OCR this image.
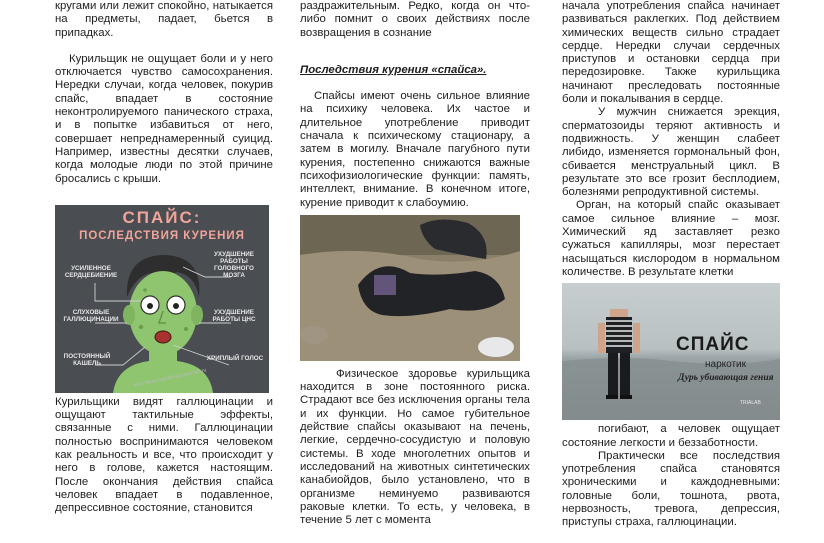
кругами или лежит спокойно, натыкается на предметы, падает, бьется в припадках.

Курильщик не ощущает боли и у него отключается чувство самосохранения. Нередки случаи, когда человек, покурив спайс, впадает в состояние неконтролируемого панического страха, и в попытке избавиться от него, совершает непреднамеренный суицид. Например, известны десятки случаев, когда молодые люди по этой причине бросались с крыши.

СПАЙС:
ПОСЛЕДСТВИЯ КУРЕНИЯ
УСИЛЕННОЕ СЕРДЦЕБИЕНИЕ
СЛУХОВЫЕ ГАЛЛЮЦИНАЦИИ
ПОСТОЯННЫЙ КАШЕЛЬ
УХУДШЕНИЕ РАБОТЫ ГОЛОВНОГО МОЗГА
УХУДШЕНИЕ РАБОТЫ ЦНС
ХРИПЛЫЙ ГОЛОС
http://www.teatralnnyy.narkotiki.ru

Курильщики видят галлюцинации и ощущают тактильные эффекты, связанные с ними. Галлюцинации полностью воспринимаются человеком как реальность и все, что происходит у него в голове, кажется настоящим. После окончания действия спайса человек впадает в подавленное, депрессивное состояние, становится

раздражительным. Редко, когда он что-либо помнит о своих действиях после возвращения в сознание

Последствия курения «спайса».

Спайсы имеют очень сильное влияние на психику человека. Их частое и длительное употребление приводит сначала к психическому стационару, а затем в могилу. Вначале пагубного пути курения, постепенно снижаются важные психофизиологические функции: память, интеллект, внимание. В конечном итоге, курение приводит к слабоумию.

Физическое здоровье курильщика находится в зоне постоянного риска. Страдают все без исключения органы тела и их функции. Но самое губительное действие спайсы оказывают на печень, легкие, сердечно-сосудистую и половую системы. В ходе многолетних опытов и исследований на животных синтетических канабиойдов, было установлено, что в организме неминуемо развиваются раковые клетки. То есть, у человека, в течение 5 лет с момента

начала употребления спайса начинает развиваться раклегких. Под действием химических веществ сильно страдает сердце. Нередки случаи сердечных приступов и остановки сердца при передозировке. Также курильщика начинают преследовать постоянные боли и покалывания в сердце.

У мужчин снижается эрекция, сперматозоиды теряют активность и подвижность. У женщин слабеет либидо, изменяется гормональный фон, сбивается менструальный цикл. В результате это все грозит бесплодием, болезнями репродуктивной системы.

Орган, на который спайс оказывает самое сильное влияние – мозг. Химический яд заставляет резко сужаться капилляры, мозг перестает насыщаться кислородом в нормальном количестве. В результате клетки

СПАЙС
наркотик
Дурь убивающая гения
TRIALAB

погибают, а человек ощущает состояние легкости и беззаботности.

Практически все последствия употребления спайса становятся хроническими и каждодневными: головные боли, тошнота, рвота, нервозность, тревога, депрессия, приступы страха, галлюцинации.
